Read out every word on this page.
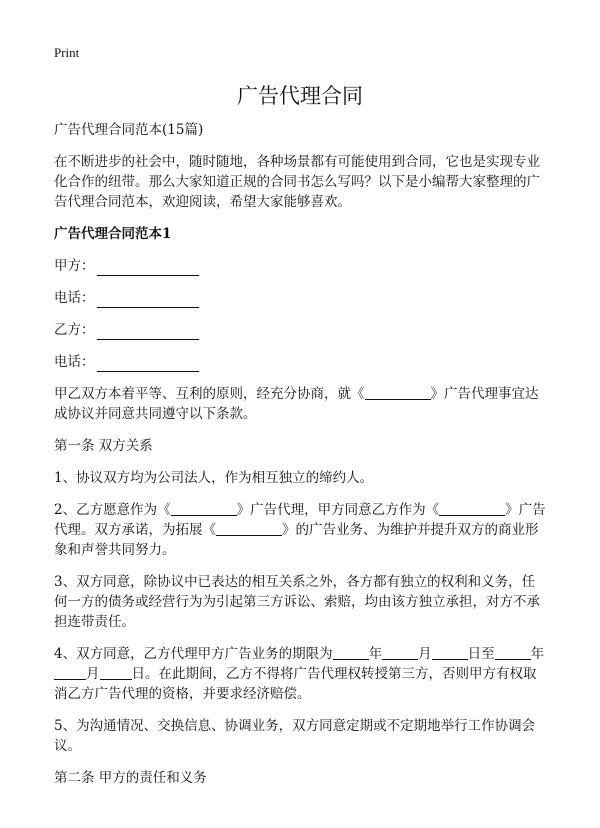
Print
广告代理合同

广告代理合同范本(15篇)

在不断进步的社会中，随时随地，各种场景都有可能使用到合同，它也是实现专业化合作的纽带。那么大家知道正规的合同书怎么写吗？以下是小编帮大家整理的广告代理合同范本，欢迎阅读，希望大家能够喜欢。

广告代理合同范本1

甲方：
电话：
乙方：
电话：

甲乙双方本着平等、互利的原则，经充分协商，就《	》广告代理事宜达成协议并同意共同遵守以下条款。

第一条 双方关系

1、协议双方均为公司法人，作为相互独立的缔约人。

2、乙方愿意作为《	》广告代理，甲方同意乙方作为《	》广告代理。双方承诺，为拓展《	》的广告业务、为维护并提升双方的商业形象和声誉共同努力。

3、双方同意，除协议中已表达的相互关系之外，各方都有独立的权利和义务，任何一方的债务或经营行为为引起第三方诉讼、索赔，均由该方独立承担，对方不承担连带责任。

4、双方同意，乙方代理甲方广告业务的期限为	年	月	日至	年月 日。在此期间，乙方不得将广告代理权转授第三方，否则甲方有权取消乙方广告代理的资格，并要求经济赔偿。

5、为沟通情况、交换信息、协调业务，双方同意定期或不定期地举行工作协调会议。

第二条 甲方的责任和义务
